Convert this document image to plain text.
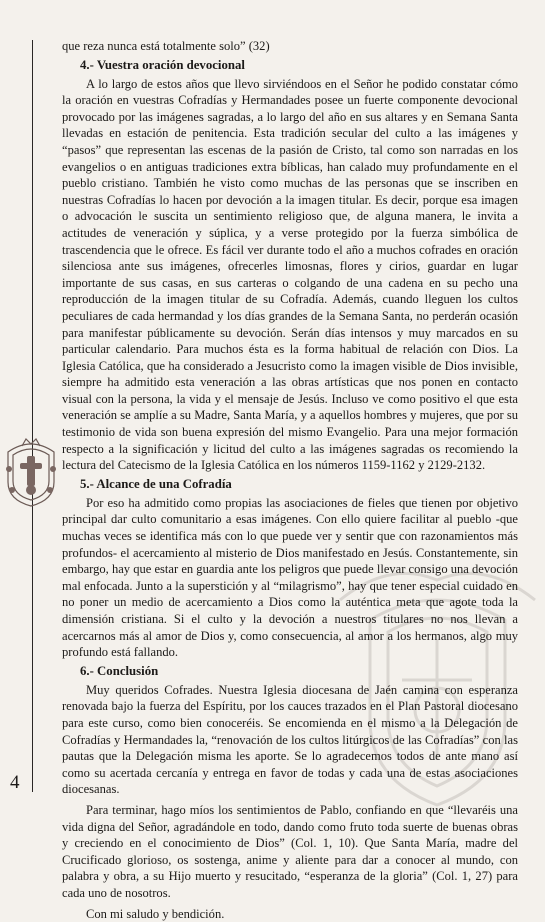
que reza nunca está totalmente solo” (32)

4.- Vuestra oración devocional

A lo largo de estos años que llevo sirviéndoos en el Señor he podido constatar cómo la oración en vuestras Cofradías y Hermandades posee un fuerte componente devocional provocado por las imágenes sagradas, a lo largo del año en sus altares y en Semana Santa llevadas en estación de penitencia. Esta tradición secular del culto a las imágenes y “pasos” que representan las escenas de la pasión de Cristo, tal como son narradas en los evangelios o en antiguas tradiciones extra bíblicas, han calado muy profundamente en el pueblo cristiano. También he visto como muchas de las personas que se inscriben en nuestras Cofradías lo hacen por devoción a la imagen titular. Es decir, porque esa imagen o advocación le suscita un sentimiento religioso que, de alguna manera, le invita a actitudes de veneración y súplica, y a verse protegido por la fuerza simbólica de trascendencia que le ofrece. Es fácil ver durante todo el año a muchos cofrades en oración silenciosa ante sus imágenes, ofrecerles limosnas, flores y cirios, guardar en lugar importante de sus casas, en sus carteras o colgando de una cadena en su pecho una reproducción de la imagen titular de su Cofradía. Además, cuando lleguen los cultos peculiares de cada hermandad y los días grandes de la Semana Santa, no perderán ocasión para manifestar públicamente su devoción. Serán días intensos y muy marcados en su particular calendario. Para muchos ésta es la forma habitual de relación con Dios. La Iglesia Católica, que ha considerado a Jesucristo como la imagen visible de Dios invisible, siempre ha admitido esta veneración a las obras artísticas que nos ponen en contacto visual con la persona, la vida y el mensaje de Jesús. Incluso ve como positivo el que esta veneración se amplíe a su Madre, Santa María, y a aquellos hombres y mujeres, que por su testimonio de vida son buena expresión del mismo Evangelio. Para una mejor formación respecto a la significación y licitud del culto a las imágenes sagradas os recomiendo la lectura del Catecismo de la Iglesia Católica en los números 1159-1162 y 2129-2132.

5.- Alcance de una Cofradía

Por eso ha admitido como propias las asociaciones de fieles que tienen por objetivo principal dar culto comunitario a esas imágenes. Con ello quiere facilitar al pueblo -que muchas veces se identifica más con lo que puede ver y sentir que con razonamientos más profundos- el acercamiento al misterio de Dios manifestado en Jesús. Constantemente, sin embargo, hay que estar en guardia ante los peligros que puede llevar consigo una devoción mal enfocada. Junto a la superstición y al “milagrismo”, hay que tener especial cuidado en no poner un medio de acercamiento a Dios como la auténtica meta que agote toda la dimensión cristiana. Si el culto y la devoción a nuestros titulares no nos llevan a acercarnos más al amor de Dios y, como consecuencia, al amor a los hermanos, algo muy profundo está fallando.

6.- Conclusión

Muy queridos Cofrades. Nuestra Iglesia diocesana de Jaén camina con esperanza renovada bajo la fuerza del Espíritu, por los cauces trazados en el Plan Pastoral diocesano para este curso, como bien conoceréis. Se encomienda en el mismo a la Delegación de Cofradías y Hermandades la, “renovación de los cultos litúrgicos de las Cofradías” con las pautas que la Delegación misma les aporte. Se lo agradecemos todos de ante mano así como su acertada cercanía y entrega en favor de todas y cada una de estas asociaciones diocesanas.

Para terminar, hago míos los sentimientos de Pablo, confiando en que “llevaréis una vida digna del Señor, agradándole en todo, dando como fruto toda suerte de buenas obras y creciendo en el conocimiento de Dios” (Col. 1, 10). Que Santa María, madre del Crucificado glorioso, os sostenga, anime y aliente para dar a conocer al mundo, con palabra y obra, a su Hijo muerto y resucitado, “esperanza de la gloria” (Col. 1, 27) para cada uno de nosotros.

Con mi saludo y bendición.

4
